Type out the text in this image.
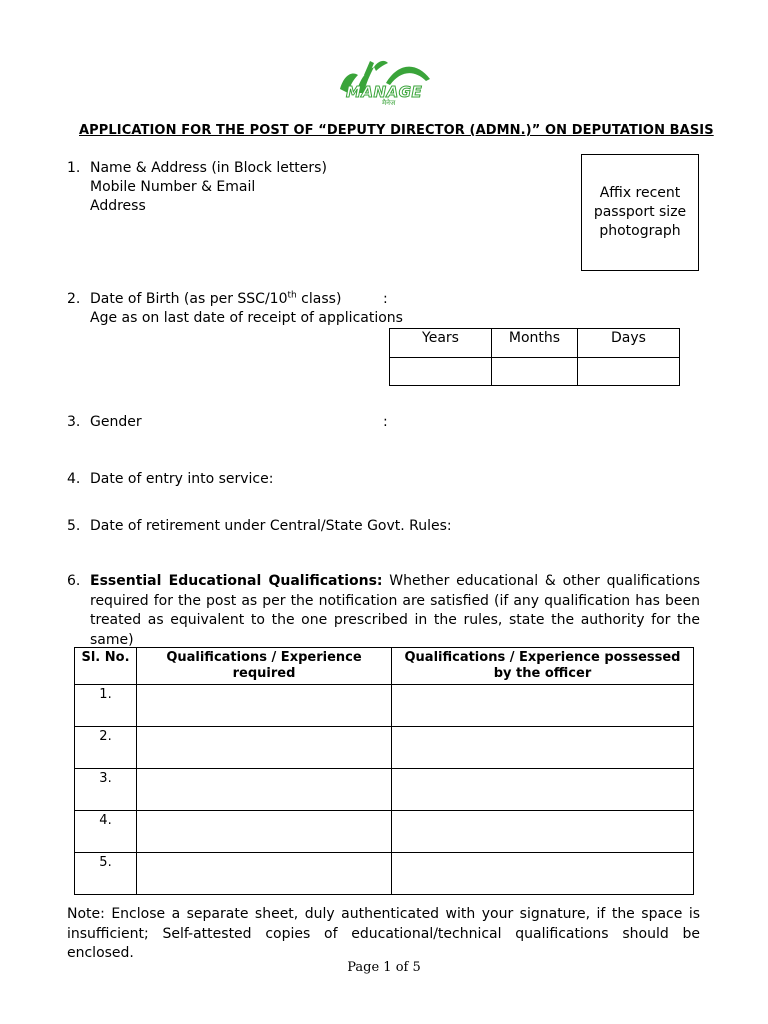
MANAGE
मैनेज
APPLICATION FOR THE POST OF “DEPUTY DIRECTOR (ADMN.)” ON DEPUTATION BASIS
1. Name & Address (in Block letters)
Mobile Number & Email
Address
Affix recent
passport size
photograph
2. Date of Birth (as per SSC/10th class)	:
Age as on last date of receipt of applications
Years	Months	Days

3. Gender	:
4. Date of entry into service:
5. Date of retirement under Central/State Govt. Rules:
6. Essential Educational Qualifications: Whether educational & other qualifications required for the post as per the notification are satisfied (if any qualification has been treated as equivalent to the one prescribed in the rules, state the authority for the same)
Sl. No.	Qualifications / Experience required	Qualifications / Experience possessed by the officer
1.		
2.		
3.		
4.		
5.		
Note: Enclose a separate sheet, duly authenticated with your signature, if the space is insufficient; Self-attested copies of educational/technical qualifications should be enclosed.
Page 1 of 5
